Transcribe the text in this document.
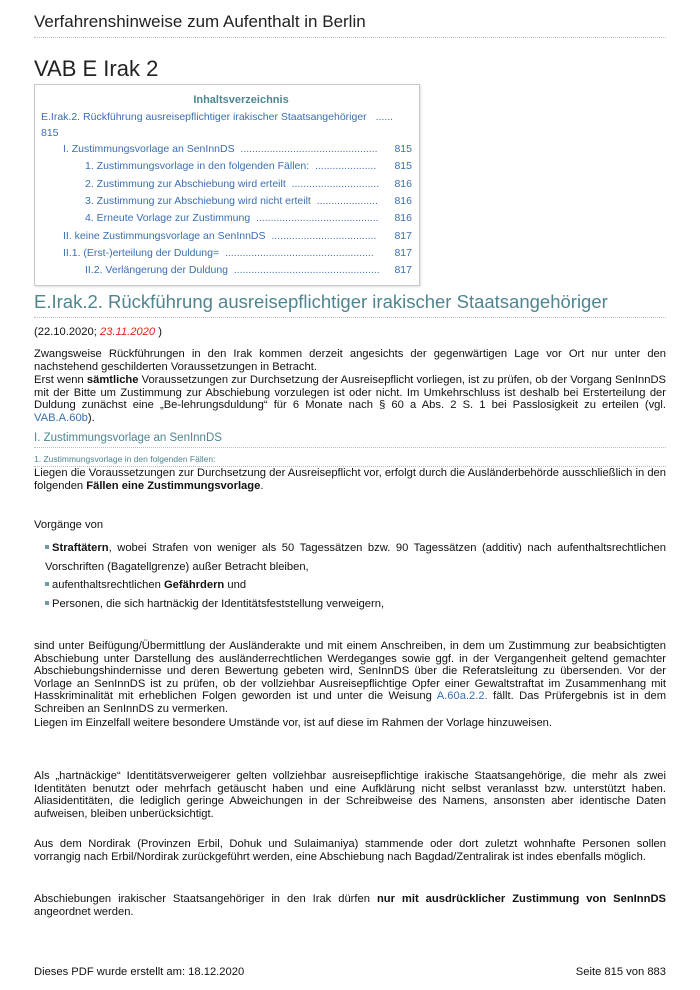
Verfahrenshinweise zum Aufenthalt in Berlin
VAB E Irak 2
Inhaltsverzeichnis
E.Irak.2. Rückführung ausreisepflichtiger irakischer Staatsangehöriger ......
815
I. Zustimmungsvorlage an SenInnDS  ............................................... 815
1. Zustimmungsvorlage in den folgenden Fällen:  ..................... 815
2. Zustimmung zur Abschiebung wird erteilt  .............................. 816
3. Zustimmung zur Abschiebung wird nicht erteilt  ..................... 816
4. Erneute Vorlage zur Zustimmung  .......................................... 816
II. keine Zustimmungsvorlage an SenInnDS  .................................... 817
II.1. (Erst-)erteilung der Duldung=  ................................................... 817
II.2. Verlängerung der Duldung  .................................................. 817
E.Irak.2. Rückführung ausreisepflichtiger irakischer Staatsangehöriger
(22.10.2020; 23.11.2020 )
Zwangsweise Rückführungen in den Irak kommen derzeit angesichts der gegenwärtigen Lage vor Ort nur unter den nachstehend geschilderten Voraussetzungen in Betracht.
Erst wenn sämtliche Voraussetzungen zur Durchsetzung der Ausreisepflicht vorliegen, ist zu prüfen, ob der Vorgang SenInnDS mit der Bitte um Zustimmung zur Abschiebung vorzulegen ist oder nicht. Im Umkehrschluss ist deshalb bei Ersterteilung der Duldung zunächst eine „Be-lehrungsduldung“ für 6 Monate nach § 60 a Abs. 2 S. 1 bei Passlosigkeit zu erteilen (vgl. VAB.A.60b).
I. Zustimmungsvorlage an SenInnDS
1. Zustimmungsvorlage in den folgenden Fällen:
Liegen die Voraussetzungen zur Durchsetzung der Ausreisepflicht vor, erfolgt durch die Ausländerbehörde ausschließlich in den folgenden Fällen eine Zustimmungsvorlage.
Vorgänge von
Straftätern, wobei Strafen von weniger als 50 Tagessätzen bzw. 90 Tagessätzen (additiv) nach aufenthaltsrechtlichen Vorschriften (Bagatellgrenze) außer Betracht bleiben,
aufenthaltsrechtlichen Gefährdern und
Personen, die sich hartnäckig der Identitätsfeststellung verweigern,
sind unter Beifügung/Übermittlung der Ausländerakte und mit einem Anschreiben, in dem um Zustimmung zur beabsichtigten Abschiebung unter Darstellung des ausländerrechtlichen Werdeganges sowie ggf. in der Vergangenheit geltend gemachter Abschiebungshindernisse und deren Bewertung gebeten wird, SenInnDS über die Referatsleitung zu übersenden. Vor der Vorlage an SenInnDS ist zu prüfen, ob der vollziehbar Ausreisepflichtige Opfer einer Gewaltstraftat im Zusammenhang mit Hasskriminalität mit erheblichen Folgen geworden ist und unter die Weisung A.60a.2.2. fällt. Das Prüfergebnis ist in dem Schreiben an SenInnDS zu vermerken.
Liegen im Einzelfall weitere besondere Umstände vor, ist auf diese im Rahmen der Vorlage hinzuweisen.
Als „hartnäckige“ Identitätsverweigerer gelten vollziehbar ausreisepflichtige irakische Staatsangehörige, die mehr als zwei Identitäten benutzt oder mehrfach getäuscht haben und eine Aufklärung nicht selbst veranlasst bzw. unterstützt haben. Aliasidentitäten, die lediglich geringe Abweichungen in der Schreibweise des Namens, ansonsten aber identische Daten aufweisen, bleiben unberücksichtigt.
Aus dem Nordirak (Provinzen Erbil, Dohuk und Sulaimaniya) stammende oder dort zuletzt wohnhafte Personen sollen vorrangig nach Erbil/Nordirak zurückgeführt werden, eine Abschiebung nach Bagdad/Zentralirak ist indes ebenfalls möglich.
Abschiebungen irakischer Staatsangehöriger in den Irak dürfen nur mit ausdrücklicher Zustimmung von SenInnDS angeordnet werden.
Dieses PDF wurde erstellt am: 18.12.2020	Seite 815 von 883
